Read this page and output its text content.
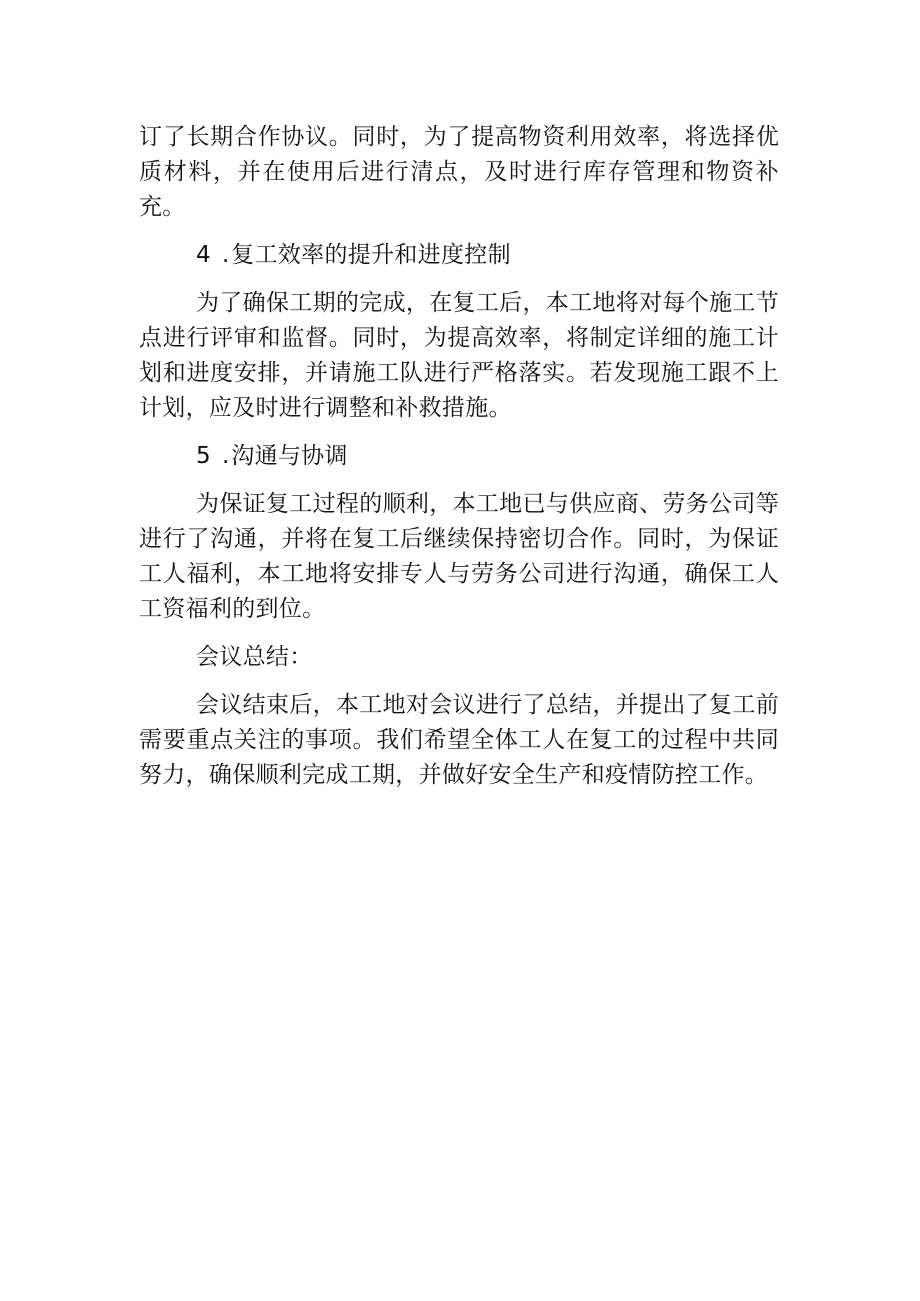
订了长期合作协议。同时，为了提高物资利用效率，将选择优质材料，并在使用后进行清点，及时进行库存管理和物资补充。

4 .复工效率的提升和进度控制

为了确保工期的完成，在复工后，本工地将对每个施工节点进行评审和监督。同时，为提高效率，将制定详细的施工计划和进度安排，并请施工队进行严格落实。若发现施工跟不上计划，应及时进行调整和补救措施。

5 .沟通与协调

为保证复工过程的顺利，本工地已与供应商、劳务公司等进行了沟通，并将在复工后继续保持密切合作。同时，为保证工人福利，本工地将安排专人与劳务公司进行沟通，确保工人工资福利的到位。

会议总结：

会议结束后，本工地对会议进行了总结，并提出了复工前需要重点关注的事项。我们希望全体工人在复工的过程中共同努力，确保顺利完成工期，并做好安全生产和疫情防控工作。
